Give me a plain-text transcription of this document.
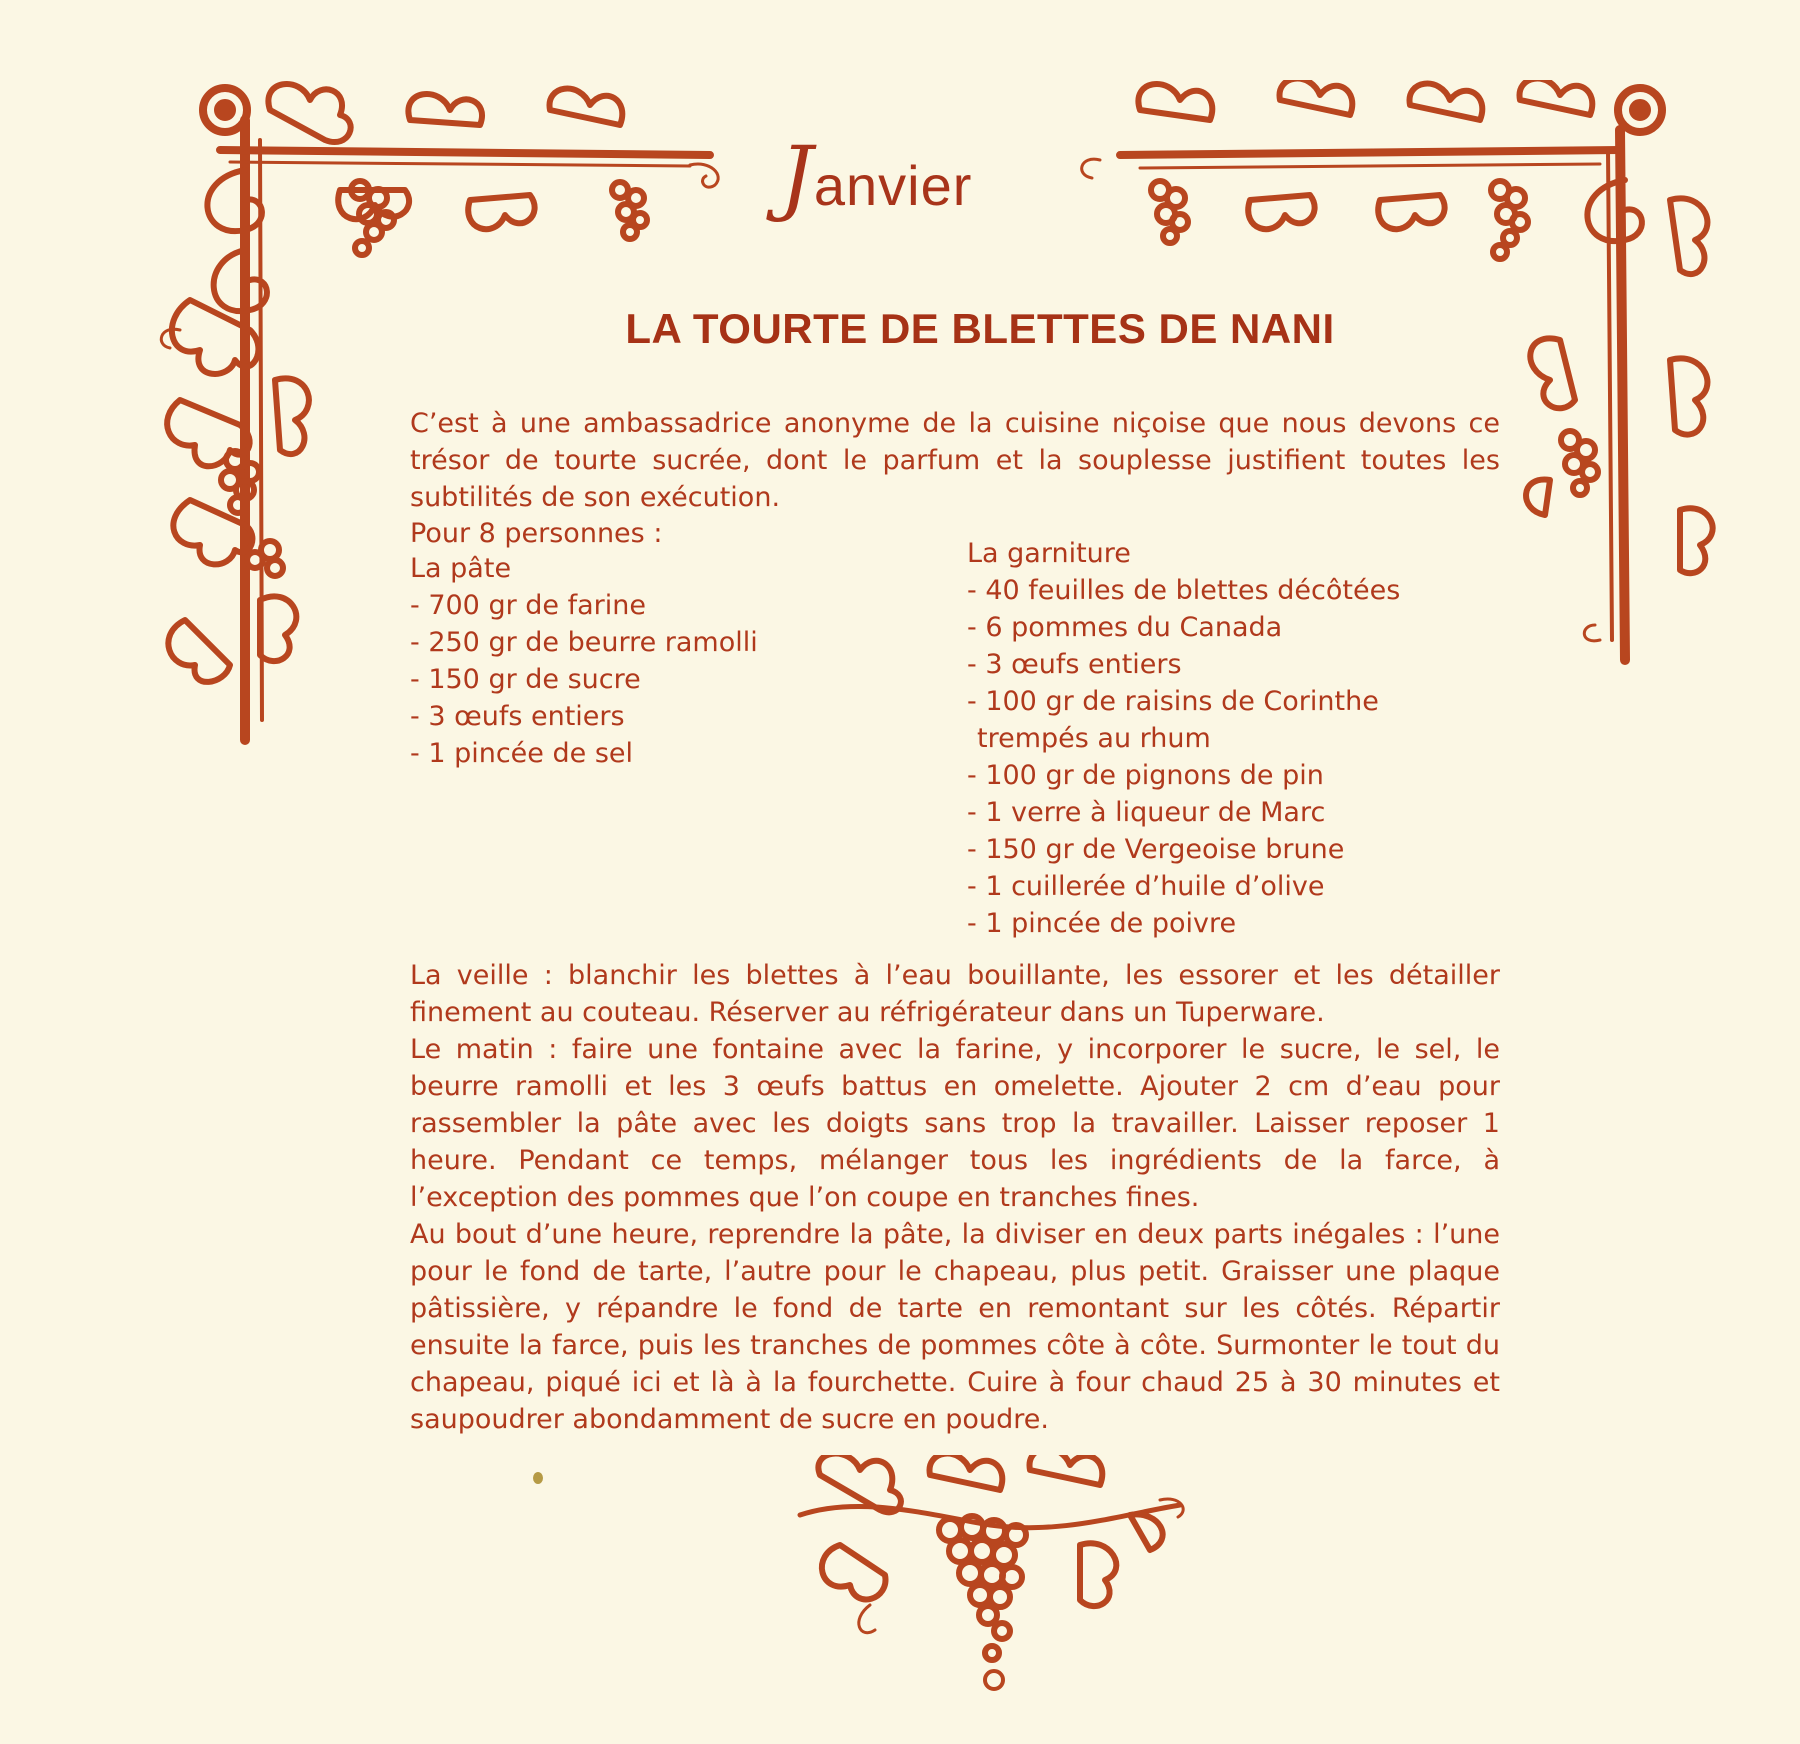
Janvier
LA TOURTE DE BLETTES DE NANI

C’est à une ambassadrice anonyme de la cuisine niçoise que nous devons ce trésor de tourte sucrée, dont le parfum et la souplesse justifient toutes les subtilités de son exécution.

Pour 8 personnes :

La pâte

- 700 gr de farine
- 250 gr de beurre ramolli
- 150 gr de sucre
- 3 œufs entiers
- 1 pincée de sel

La garniture

- 40 feuilles de blettes décôtées
- 6 pommes du Canada
- 3 œufs entiers
- 100 gr de raisins de Corinthe
trempés au rhum
- 100 gr de pignons de pin
- 1 verre à liqueur de Marc
- 150 gr de Vergeoise brune
- 1 cuillerée d’huile d’olive
- 1 pincée de poivre

La veille : blanchir les blettes à l’eau bouillante, les essorer et les détailler finement au couteau. Réserver au réfrigérateur dans un Tuperware.

Le matin : faire une fontaine avec la farine, y incorporer le sucre, le sel, le beurre ramolli et les 3 œufs battus en omelette. Ajouter 2 cm d’eau pour rassembler la pâte avec les doigts sans trop la travailler. Laisser reposer 1 heure. Pendant ce temps, mélanger tous les ingrédients de la farce, à l’exception des pommes que l’on coupe en tranches fines.

Au bout d’une heure, reprendre la pâte, la diviser en deux parts inégales : l’une pour le fond de tarte, l’autre pour le chapeau, plus petit. Graisser une plaque pâtissière, y répandre le fond de tarte en remontant sur les côtés. Répartir ensuite la farce, puis les tranches de pommes côte à côte. Surmonter le tout du chapeau, piqué ici et là à la fourchette. Cuire à four chaud 25 à 30 minutes et saupoudrer abondamment de sucre en poudre.
